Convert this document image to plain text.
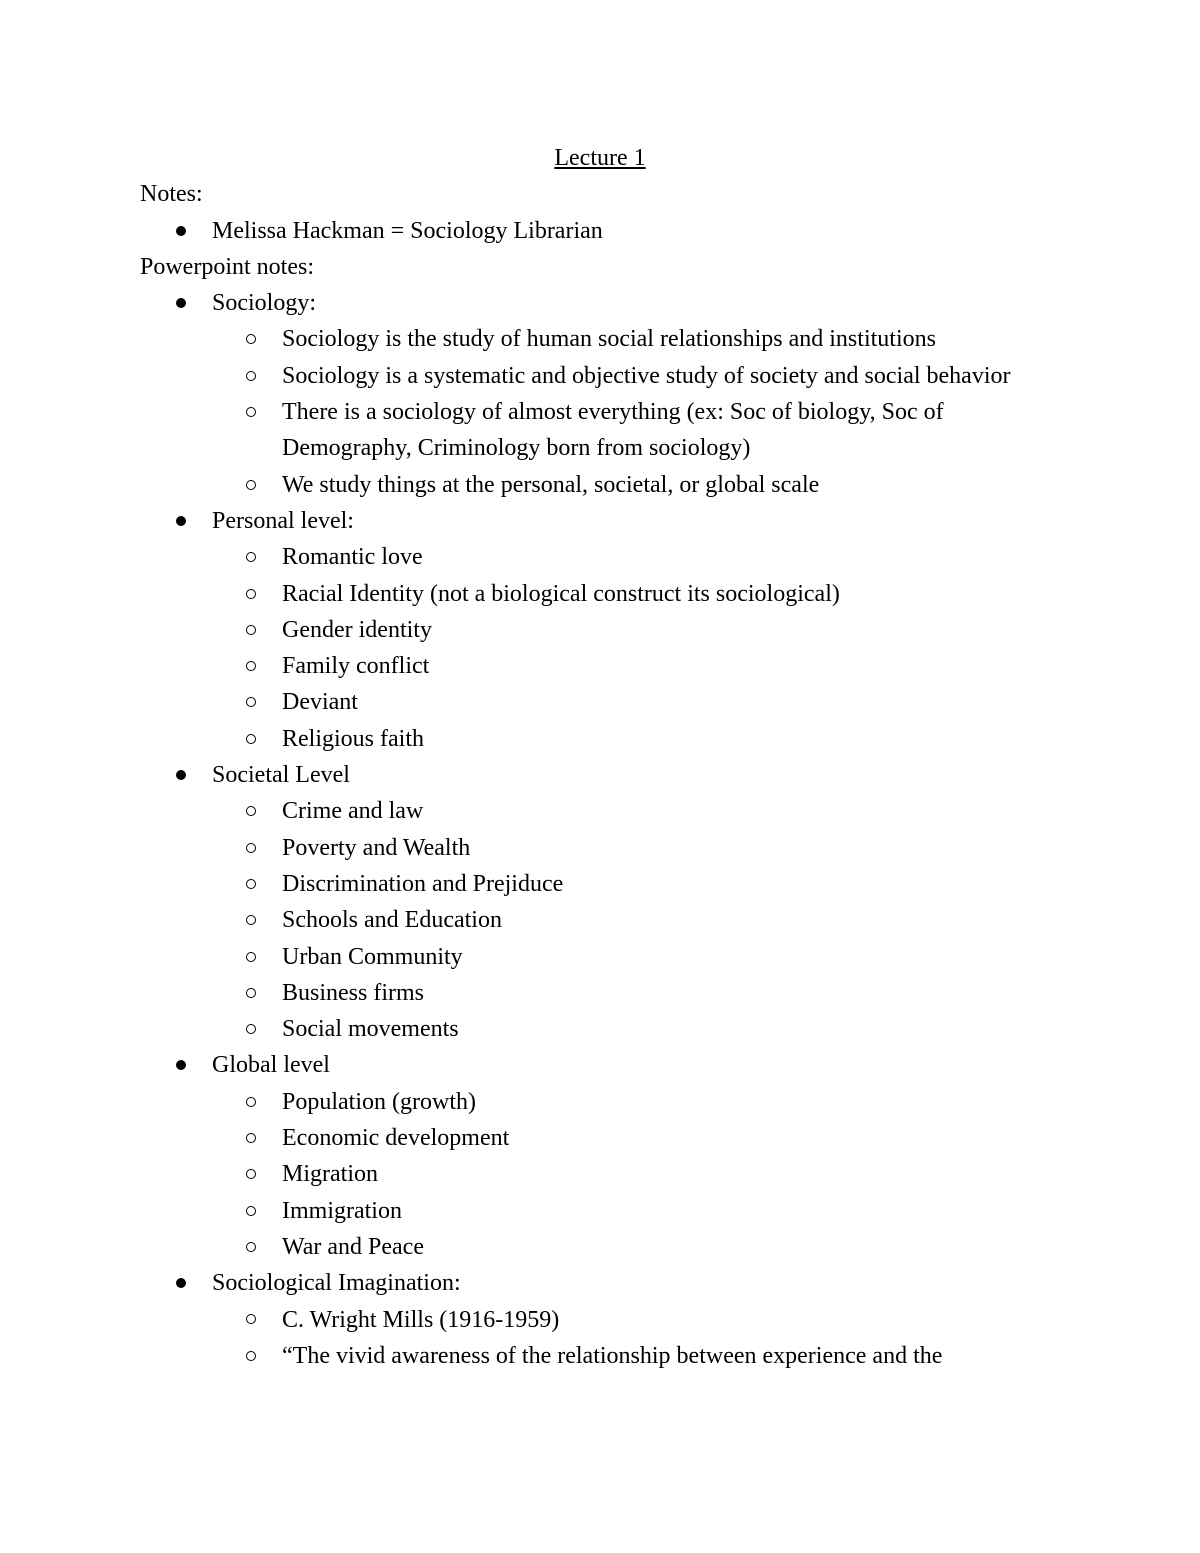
Lecture 1

Notes:

Melissa Hackman = Sociology Librarian

Powerpoint notes:

Sociology:
Sociology is the study of human social relationships and institutions
Sociology is a systematic and objective study of society and social behavior
There is a sociology of almost everything (ex: Soc of biology, Soc of Demography, Criminology born from sociology)
We study things at the personal, societal, or global scale
Personal level:
Romantic love
Racial Identity (not a biological construct its sociological)
Gender identity
Family conflict
Deviant
Religious faith
Societal Level
Crime and law
Poverty and Wealth
Discrimination and Prejiduce
Schools and Education
Urban Community
Business firms
Social movements
Global level
Population (growth)
Economic development
Migration
Immigration
War and Peace
Sociological Imagination:
C. Wright Mills (1916-1959)
“The vivid awareness of the relationship between experience and the
